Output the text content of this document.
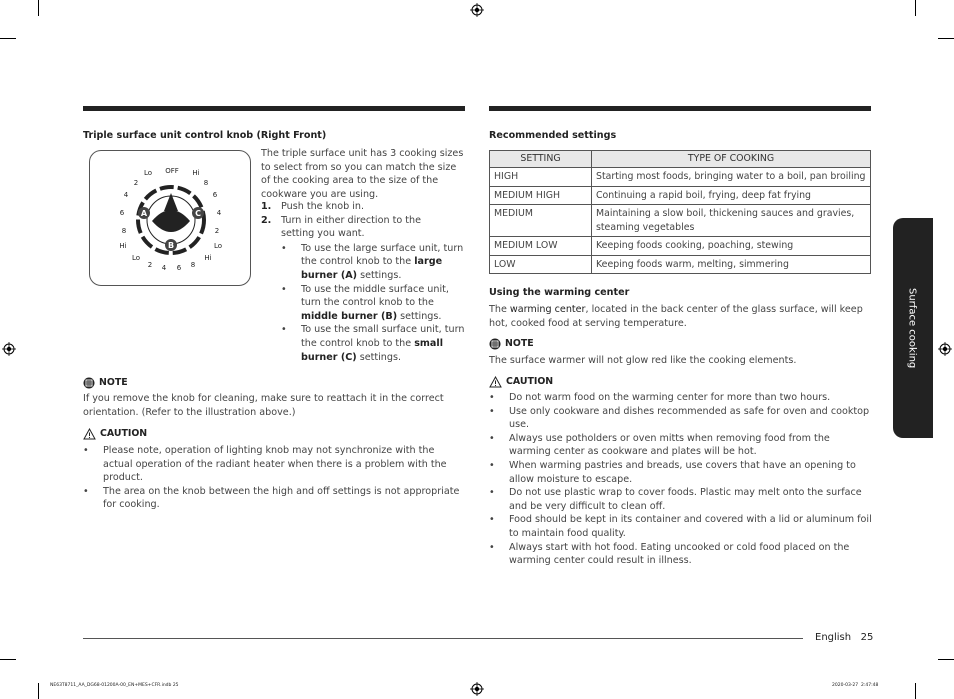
Triple surface unit control knob (Right Front)
OFF
Lo	Hi
2
4
6
8
8
6
4
2
2 4 6 8
Hi	Lo
Lo	Hi
A
B
C
The triple surface unit has 3 cooking sizes to select from so you can match the size of the cooking area to the size of the cookware you are using.
1.	Push the knob in.
2.	Turn in either direction to the setting you want.
•	To use the large surface unit, turn the control knob to the large burner (A) settings.
•	To use the middle surface unit, turn the control knob to the middle burner (B) settings.
•	To use the small surface unit, turn the control knob to the small burner (C) settings.
NOTE
If you remove the knob for cleaning, make sure to reattach it in the correct orientation. (Refer to the illustration above.)
CAUTION
•	Please note, operation of lighting knob may not synchronize with the actual operation of the radiant heater when there is a problem with the product.
•	The area on the knob between the high and off settings is not appropriate for cooking.
Recommended settings
SETTING	TYPE OF COOKING
HIGH	Starting most foods, bringing water to a boil, pan broiling
MEDIUM HIGH	Continuing a rapid boil, frying, deep fat frying
MEDIUM	Maintaining a slow boil, thickening sauces and gravies, steaming vegetables
MEDIUM LOW	Keeping foods cooking, poaching, stewing
LOW	Keeping foods warm, melting, simmering
Using the warming center
The warming center, located in the back center of the glass surface, will keep hot, cooked food at serving temperature.
NOTE
The surface warmer will not glow red like the cooking elements.
CAUTION
•	Do not warm food on the warming center for more than two hours.
•	Use only cookware and dishes recommended as safe for oven and cooktop use.
•	Always use potholders or oven mitts when removing food from the warming center as cookware and plates will be hot.
•	When warming pastries and breads, use covers that have an opening to allow moisture to escape.
•	Do not use plastic wrap to cover foods. Plastic may melt onto the surface and be very difficult to clean off.
•	Food should be kept in its container and covered with a lid or aluminum foil to maintain food quality.
•	Always start with hot food. Eating uncooked or cold food placed on the warming center could result in illness.
Surface cooking
English 25
NE63T8711_AA_DG68-01200A-00_EN+MES+CFR.indb 25	2020-03-27 ￼ 2:47:48
